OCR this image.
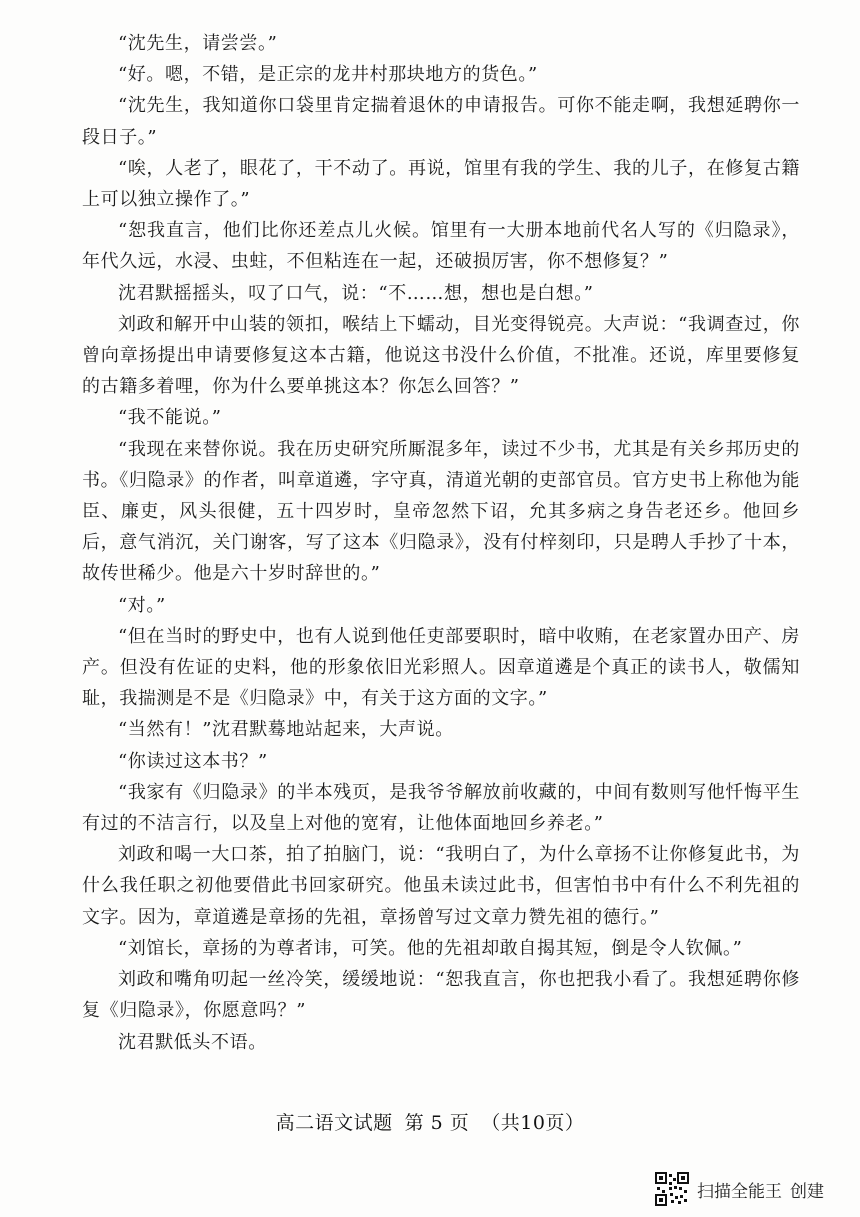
“沈先生，请尝尝。”

“好。嗯，不错，是正宗的龙井村那块地方的货色。”

“沈先生，我知道你口袋里肯定揣着退休的申请报告。可你不能走啊，我想延聘你一段日子。”

“唉，人老了，眼花了，干不动了。再说，馆里有我的学生、我的儿子，在修复古籍上可以独立操作了。”

“恕我直言，他们比你还差点儿火候。馆里有一大册本地前代名人写的《归隐录》，年代久远，水浸、虫蛀，不但粘连在一起，还破损厉害，你不想修复？”

沈君默摇摇头，叹了口气，说：“不……想，想也是白想。”

刘政和解开中山装的领扣，喉结上下蠕动，目光变得锐亮。大声说：“我调查过，你曾向章扬提出申请要修复这本古籍，他说这书没什么价值，不批准。还说，库里要修复的古籍多着哩，你为什么要单挑这本？你怎么回答？”

“我不能说。”

“我现在来替你说。我在历史研究所厮混多年，读过不少书，尤其是有关乡邦历史的书。《归隐录》的作者，叫章道遴，字守真，清道光朝的吏部官员。官方史书上称他为能臣、廉吏，风头很健，五十四岁时，皇帝忽然下诏，允其多病之身告老还乡。他回乡后，意气消沉，关门谢客，写了这本《归隐录》，没有付梓刻印，只是聘人手抄了十本，故传世稀少。他是六十岁时辞世的。”

“对。”

“但在当时的野史中，也有人说到他任吏部要职时，暗中收贿，在老家置办田产、房产。但没有佐证的史料，他的形象依旧光彩照人。因章道遴是个真正的读书人，敬儒知耻，我揣测是不是《归隐录》中，有关于这方面的文字。”

“当然有！”沈君默蓦地站起来，大声说。

“你读过这本书？”

“我家有《归隐录》的半本残页，是我爷爷解放前收藏的，中间有数则写他忏悔平生有过的不洁言行，以及皇上对他的宽宥，让他体面地回乡养老。”

刘政和喝一大口茶，拍了拍脑门，说：“我明白了，为什么章扬不让你修复此书，为什么我任职之初他要借此书回家研究。他虽未读过此书，但害怕书中有什么不利先祖的文字。因为，章道遴是章扬的先祖，章扬曾写过文章力赞先祖的德行。”

“刘馆长，章扬的为尊者讳，可笑。他的先祖却敢自揭其短，倒是令人钦佩。”

刘政和嘴角叨起一丝冷笑，缓缓地说：“恕我直言，你也把我小看了。我想延聘你修复《归隐录》，你愿意吗？”

沈君默低头不语。

高二语文试题 第 5 页 （共10页）
扫描全能王 创建
